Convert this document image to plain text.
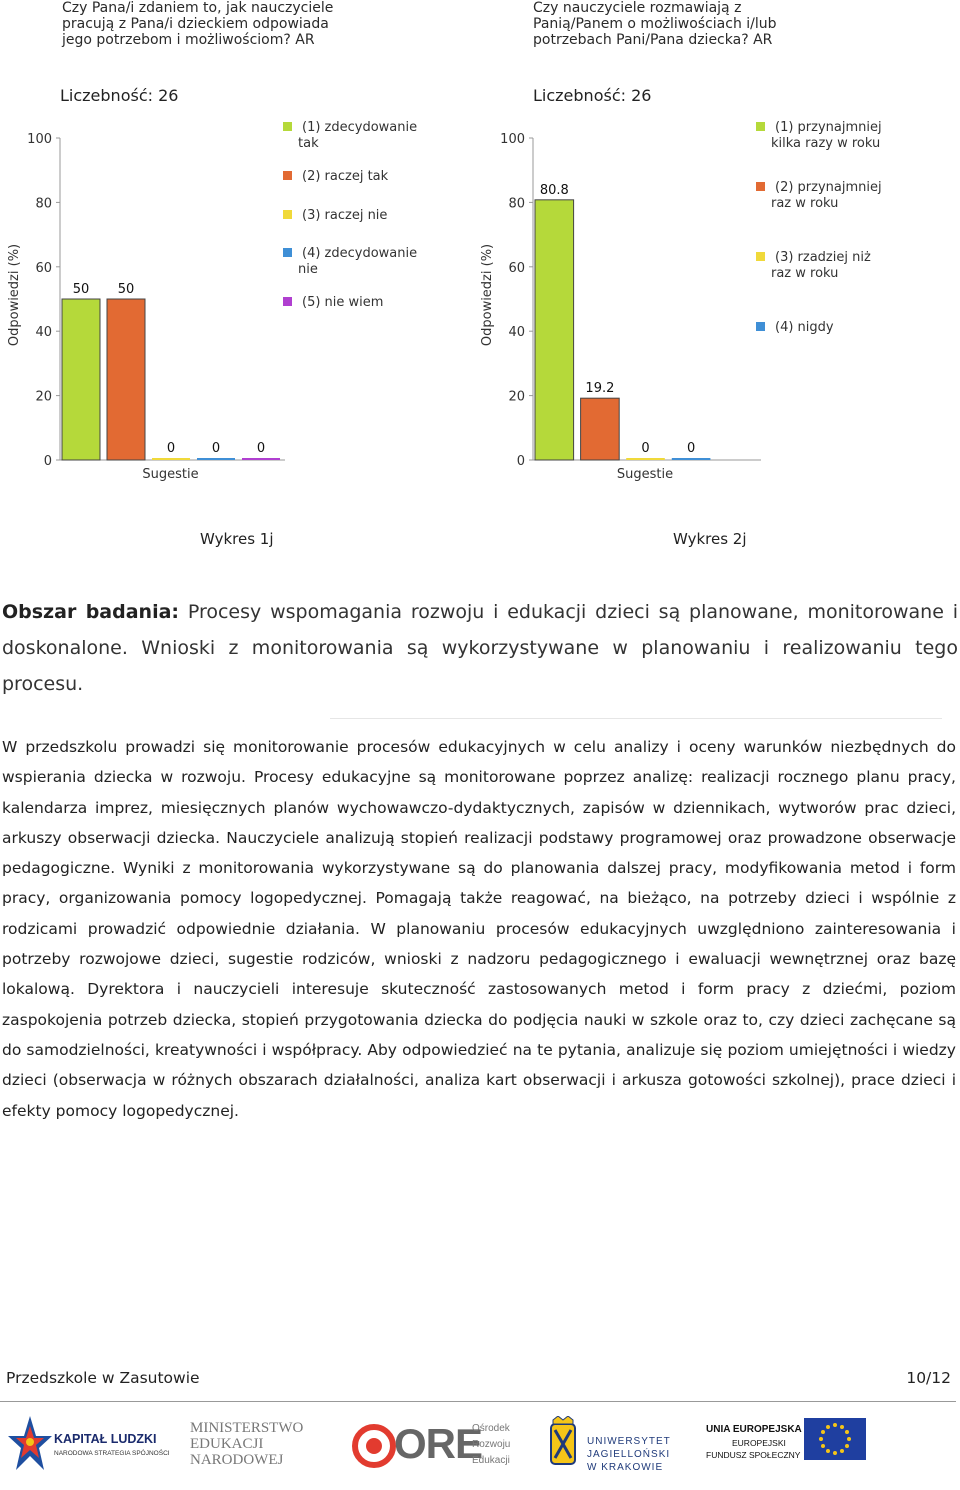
Czy Pana/i zdaniem to, jak nauczyciele
pracują z Pana/i dzieckiem odpowiada
jego potrzebom i możliwościom? AR
Liczebność: 26
0
20
40
60
80
100
Odpowiedzi (%)	50 50
0	0	0
Sugestie
(1) zdecydowanie
tak
(2) raczej tak
(3) raczej nie
(4) zdecydowanie
nie
(5) nie wiem
Czy nauczyciele rozmawiają z
Panią/Panem o możliwościach i/lub
potrzebach Pani/Pana dziecka? AR
Liczebność: 26
0
20
40
60
80
100
Odpowiedzi (%)
80.8
19.2
0	0
Sugestie
(1) przynajmniej
kilka razy w roku
(2) przynajmniej
raz w roku
(3) rzadziej niż
raz w roku
(4) nigdy
Wykres 1j	Wykres 2j
Obszar badania: Procesy wspomagania rozwoju i edukacji dzieci są planowane, monitorowane i doskonalone. Wnioski z monitorowania są wykorzystywane w planowaniu i realizowaniu tego procesu.
W przedszkolu prowadzi się monitorowanie procesów edukacyjnych w celu analizy i oceny warunków niezbędnych do wspierania dziecka w rozwoju. Procesy edukacyjne są monitorowane poprzez analizę: realizacji rocznego planu pracy, kalendarza imprez, miesięcznych planów wychowawczo-dydaktycznych, zapisów w dziennikach, wytworów prac dzieci, arkuszy obserwacji dziecka. Nauczyciele analizują stopień realizacji podstawy programowej oraz prowadzone obserwacje pedagogiczne. Wyniki z monitorowania wykorzystywane są do planowania dalszej pracy, modyfikowania metod i form pracy, organizowania pomocy logopedycznej. Pomagają także reagować, na bieżąco, na potrzeby dzieci i wspólnie z rodzicami prowadzić odpowiednie działania. W planowaniu procesów edukacyjnych uwzględniono zainteresowania i potrzeby rozwojowe dzieci, sugestie rodziców, wnioski z nadzoru pedagogicznego i ewaluacji wewnętrznej oraz bazę lokalową. Dyrektora i nauczycieli interesuje skuteczność zastosowanych metod i form pracy z dziećmi, poziom zaspokojenia potrzeb dziecka, stopień przygotowania dziecka do podjęcia nauki w szkole oraz to, czy dzieci zachęcane są do samodzielności, kreatywności i współpracy. Aby odpowiedzieć na te pytania, analizuje się poziom umiejętności i wiedzy dzieci (obserwacja w różnych obszarach działalności, analiza kart obserwacji i arkusza gotowości szkolnej), prace dzieci i efekty pomocy logopedycznej.
Przedszkole w Zasutowie	10/12
KAPITAŁ LUDZKI
NARODOWA STRATEGIA SPÓJNOŚCI
MINISTERSTWO
EDUKACJI
NARODOWEJ	ORE
Ośrodek
Rozwoju
Edukacji
UNIWERSYTET
JAGIELLOŃSKI
W KRAKOWIE
UNIA EUROPEJSKA
EUROPEJSKI
FUNDUSZ SPOŁECZNY
